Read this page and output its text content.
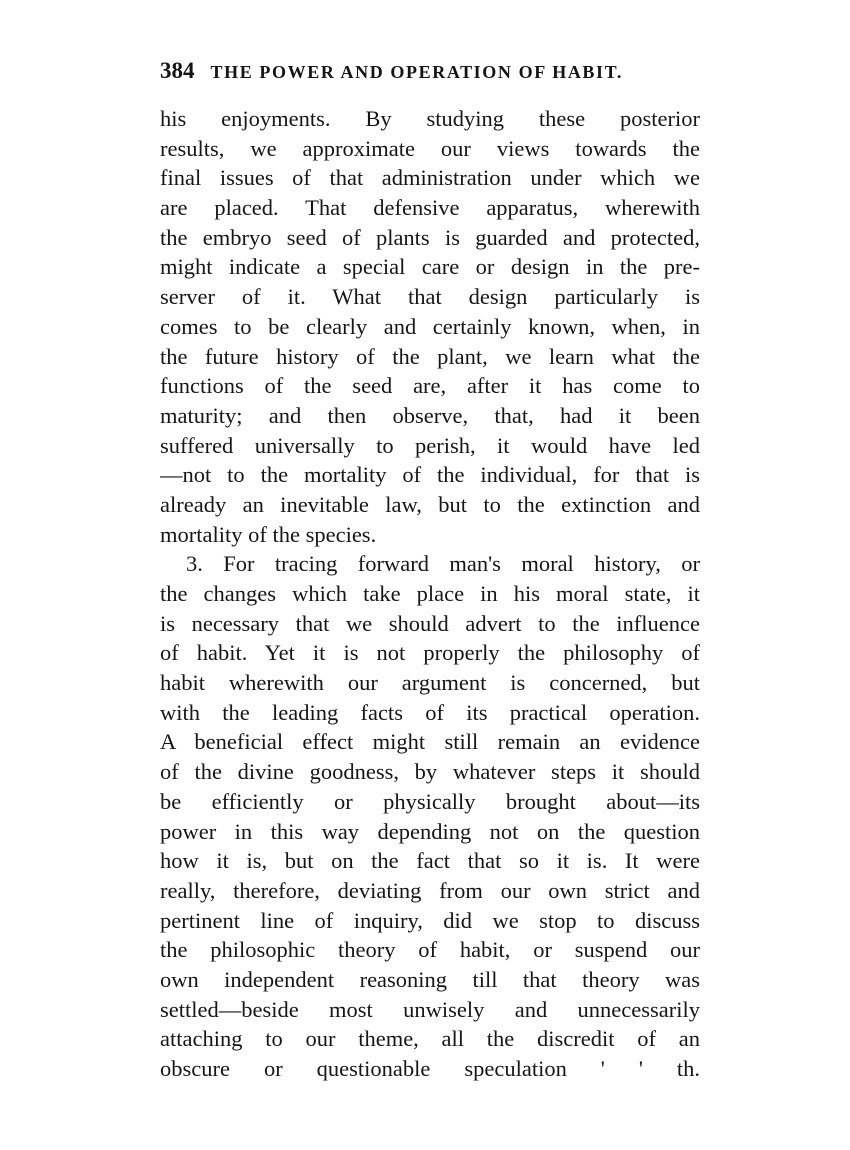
384 THE POWER AND OPERATION OF HABIT.
his enjoyments. By studying these posterior
results, we approximate our views towards the
final issues of that administration under which we
are placed. That defensive apparatus, wherewith
the embryo seed of plants is guarded and protected,
might indicate a special care or design in the pre-
server of it. What that design particularly is
comes to be clearly and certainly known, when, in
the future history of the plant, we learn what the
functions of the seed are, after it has come to
maturity; and then observe, that, had it been
suffered universally to perish, it would have led
—not to the mortality of the individual, for that is
already an inevitable law, but to the extinction and
mortality of the species.
3. For tracing forward man's moral history, or
the changes which take place in his moral state, it
is necessary that we should advert to the influence
of habit. Yet it is not properly the philosophy of
habit wherewith our argument is concerned, but
with the leading facts of its practical operation.
A beneficial effect might still remain an evidence
of the divine goodness, by whatever steps it should
be efficiently or physically brought about—its
power in this way depending not on the question
how it is, but on the fact that so it is. It were
really, therefore, deviating from our own strict and
pertinent line of inquiry, did we stop to discuss
the philosophic theory of habit, or suspend our
own independent reasoning till that theory was
settled—beside most unwisely and unnecessarily
attaching to our theme, all the discredit of an
obscure or questionable speculation ' ' th.
